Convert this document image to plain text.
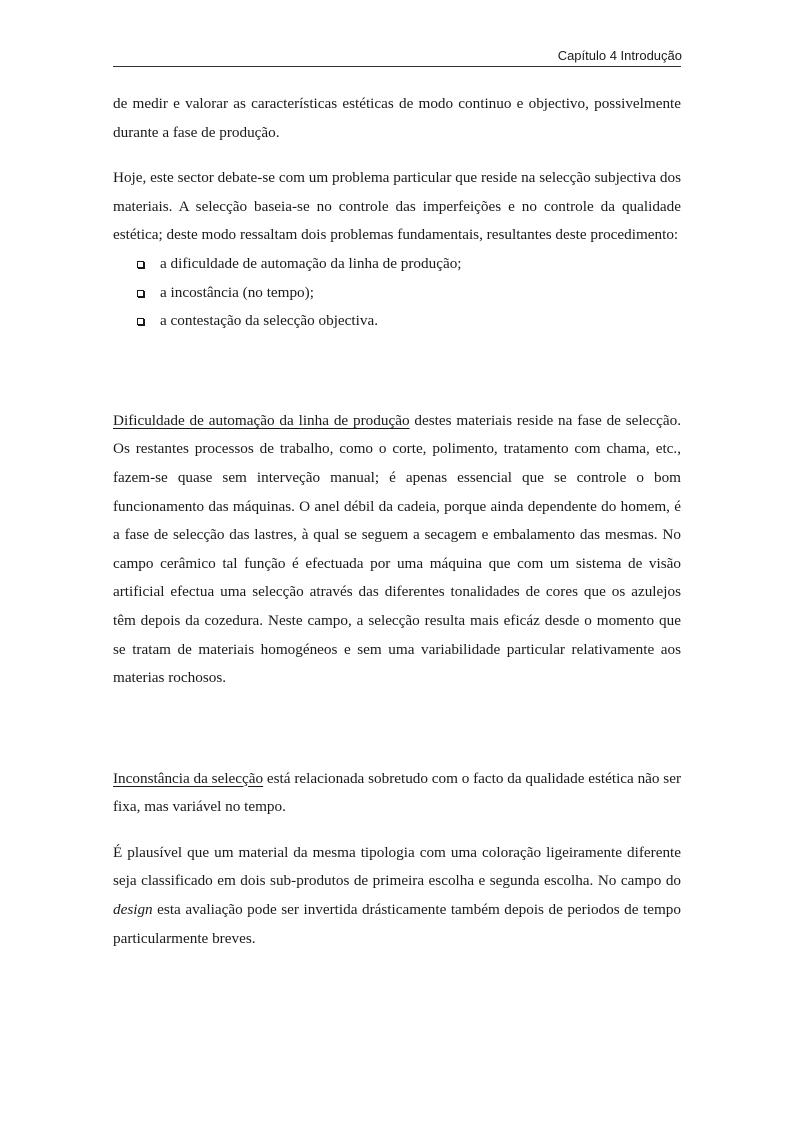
Capítulo 4 Introdução

de medir e valorar as características estéticas de modo continuo e objectivo, possivelmente durante a fase de produção.

Hoje, este sector debate-se com um problema particular que reside na selecção subjectiva dos materiais. A selecção baseia-se no controle das imperfeições e no controle da qualidade estética; deste modo ressaltam dois problemas fundamentais, resultantes deste procedimento:

a dificuldade de automação da linha de produção;
a incostância (no tempo);
a contestação da selecção objectiva.

Dificuldade de automação da linha de produção destes materiais reside na fase de selecção. Os restantes processos de trabalho, como o corte, polimento, tratamento com chama, etc., fazem-se quase sem interveção manual; é apenas essencial que se controle o bom funcionamento das máquinas. O anel débil da cadeia, porque ainda dependente do homem, é a fase de selecção das lastres, à qual se seguem a secagem e embalamento das mesmas. No campo cerâmico tal função é efectuada por uma máquina que com um sistema de visão artificial efectua uma selecção através das diferentes tonalidades de cores que os azulejos têm depois da cozedura. Neste campo, a selecção resulta mais eficáz desde o momento que se tratam de materiais homogéneos e sem uma variabilidade particular relativamente aos materias rochosos.

Inconstância da selecção está relacionada sobretudo com o facto da qualidade estética não ser fixa, mas variável no tempo.

É plausível que um material da mesma tipologia com uma coloração ligeiramente diferente seja classificado em dois sub-produtos de primeira escolha e segunda escolha. No campo do design esta avaliação pode ser invertida drásticamente também depois de periodos de tempo particularmente breves.
